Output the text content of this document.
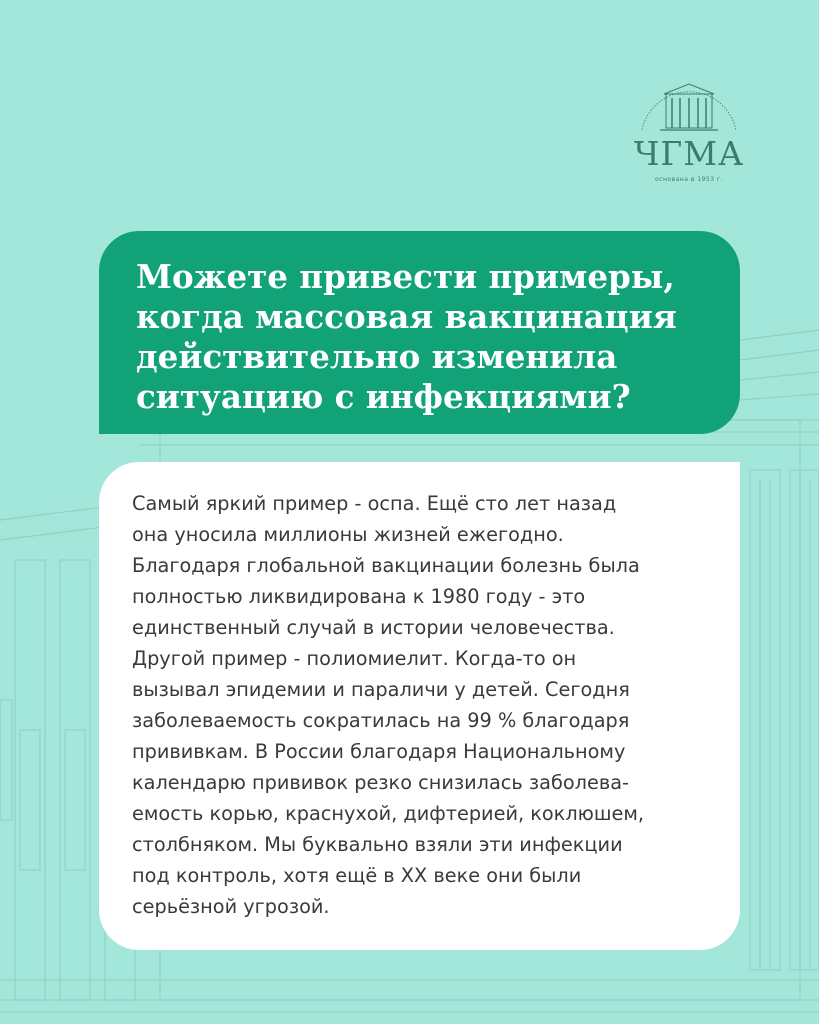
ЧГМА
основана в 1953 г.

Можете привести примеры, когда массовая вакцинация действительно изменила ситуацию с инфекциями?

Самый яркий пример - оспа. Ещё сто лет назад
она уносила миллионы жизней ежегодно.
Благодаря глобальной вакцинации болезнь была
полностью ликвидирована к 1980 году - это
единственный случай в истории человечества.
Другой пример - полиомиелит. Когда-то он
вызывал эпидемии и параличи у детей. Сегодня
заболеваемость сократилась на 99 % благодаря
прививкам. В России благодаря Национальному
календарю прививок резко снизилась заболева-
емость корью, краснухой, дифтерией, коклюшем,
столбняком. Мы буквально взяли эти инфекции
под контроль, хотя ещё в XX веке они были
серьёзной угрозой.
